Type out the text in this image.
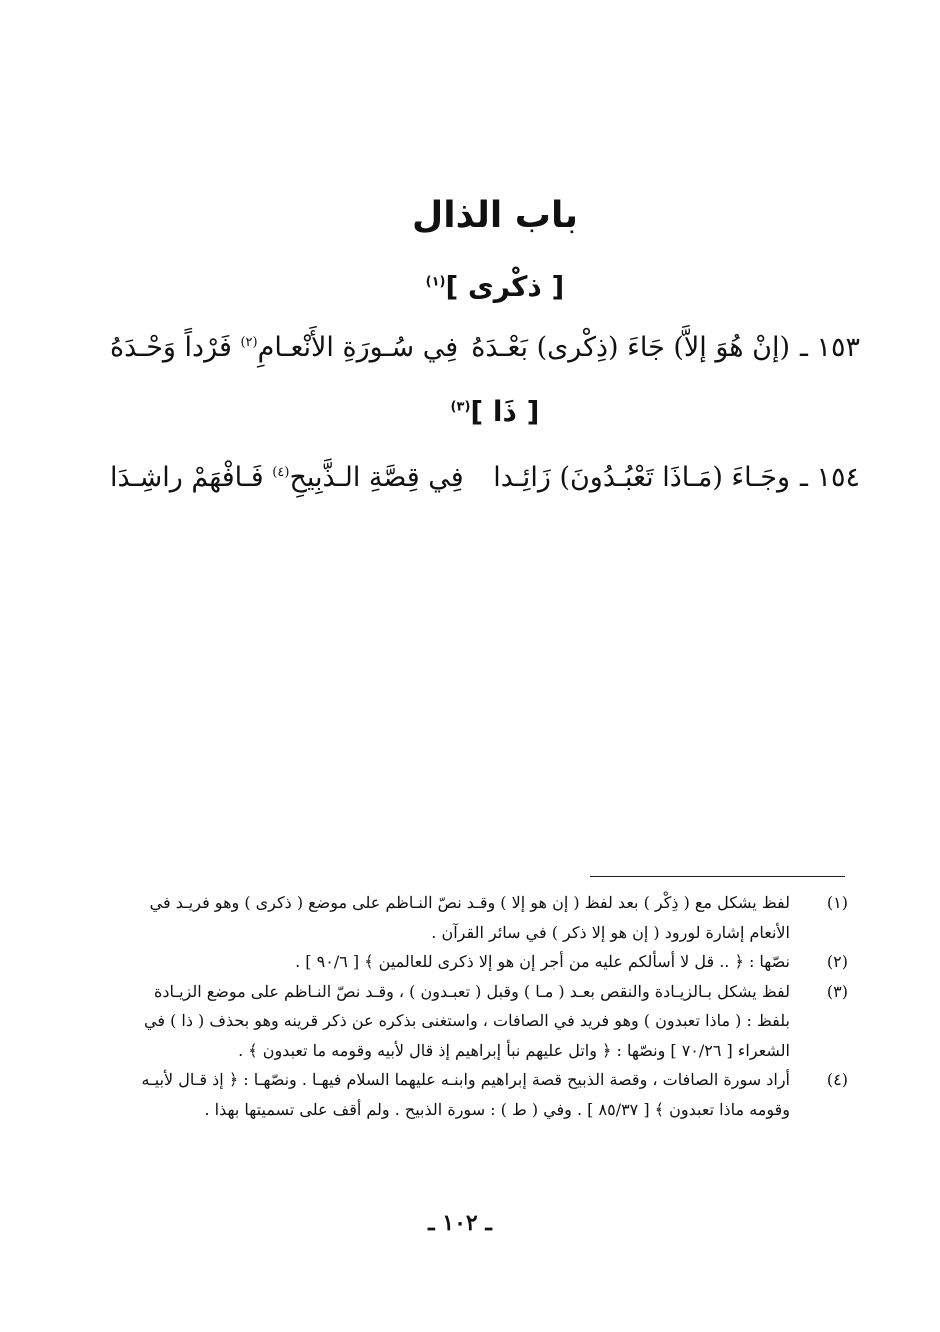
باب الذال
[ ذكْرى ]$^{(١)}$
١٥٣ ـ
(إنْ هُوَ إلاَّ) جَاءَ (ذِكْرى) بَعْـدَهُ
فِي سُـورَةِ الأَنْعـامِ$^{(٢)}$ فَرْداً وَحْـدَهُ
[ ذَا ]$^{(٣)}$
١٥٤ ـ
وجَـاءَ (مَـاذَا تَعْبُـدُونَ) زَائِـدا
فِي قِصَّةِ الـذَّبِيحِ$^{(٤)}$ فَـافْهَمْ راشِـدَا
(١)
لفظ يشكل مع ( ذِكْر ) بعد لفظ ( إن هو إلا ) وقـد نصّ النـاظم على موضع ( ذكرى ) وهو فريـد في
الأنعام إشارة لورود ( إن هو إلا ذكر ) في سائر القرآن .
(٢)
نصّها : ﴿ .. قل لا أسألكم عليه من أجر إن هو إلا ذكرى للعالمين ﴾ [ ٩٠/٦ ] .
(٣)
لفظ يشكل بـالزيـادة والنقص بعـد ( مـا ) وقبل ( تعبـدون ) ، وقـد نصّ النـاظم على موضع الزيـادة
بلفظ : ( ماذا تعبدون ) وهو فريد في الصافات ، واستغنى بذكره عن ذكر قرينه وهو بحذف ( ذا ) في
الشعراء [ ٧٠/٢٦ ] ونصّها : ﴿ واتل عليهم نبأ إبراهيم إذ قال لأبيه وقومه ما تعبدون ﴾ .
(٤)
أراد سورة الصافات ، وقصة الذبيح قصة إبراهيم وابنـه عليهما السلام فيهـا . ونصّهـا : ﴿ إذ قـال لأبيـه
وقومه ماذا تعبدون ﴾ [ ٨٥/٣٧ ] . وفي ( ط ) : سورة الذبيح . ولم أقف على تسميتها بهذا .
ـ ١٠٢ ـ
